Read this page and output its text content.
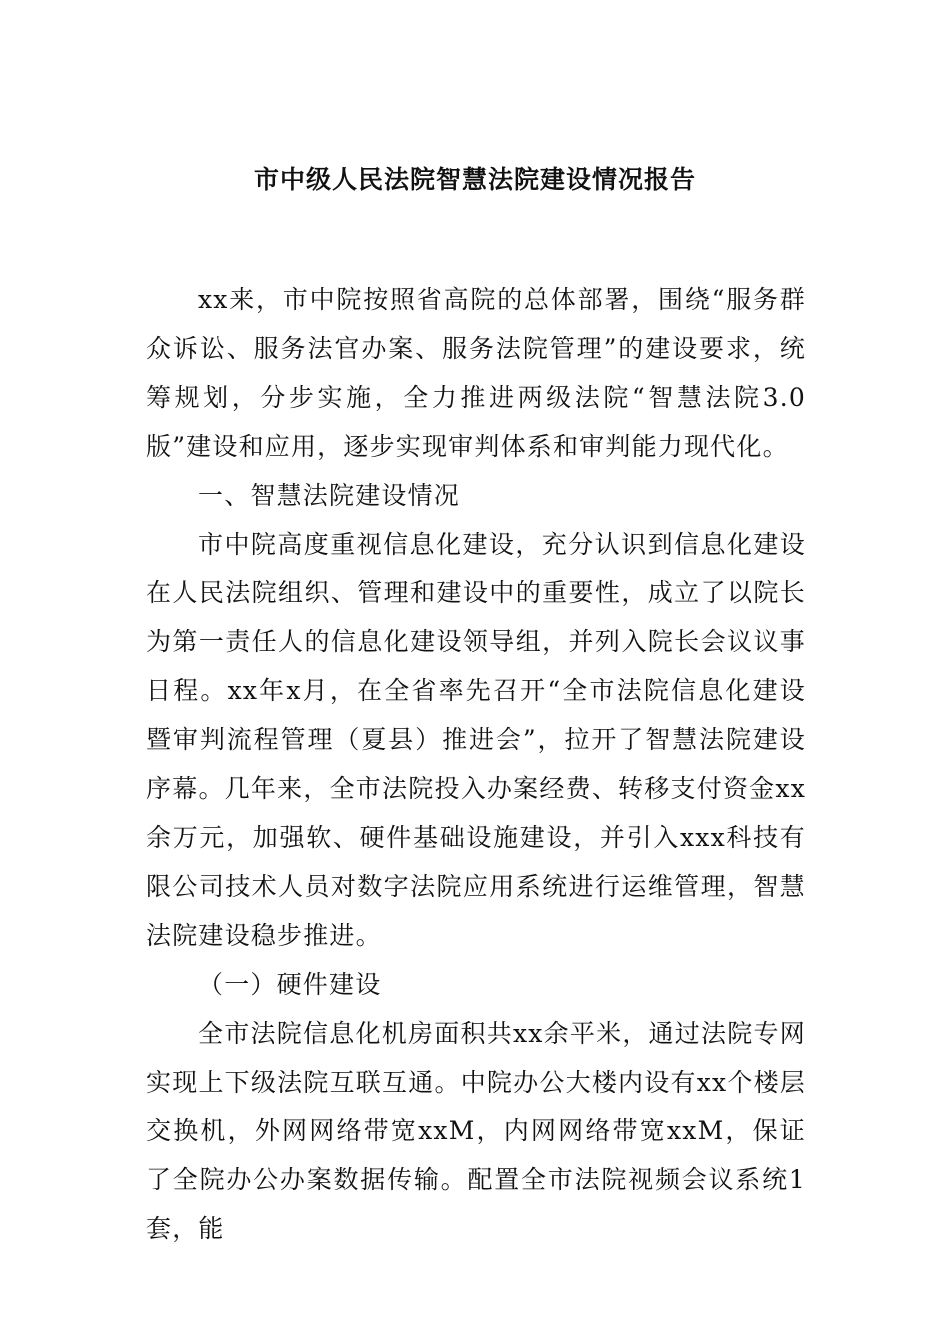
市中级人民法院智慧法院建设情况报告

xx来，市中院按照省高院的总体部署，围绕“服务群众诉讼、服务法官办案、服务法院管理”的建设要求，统筹规划，分步实施，全力推进两级法院“智慧法院3.0版”建设和应用，逐步实现审判体系和审判能力现代化。

一、智慧法院建设情况

市中院高度重视信息化建设，充分认识到信息化建设在人民法院组织、管理和建设中的重要性，成立了以院长为第一责任人的信息化建设领导组，并列入院长会议议事日程。xx年x月，在全省率先召开“全市法院信息化建设暨审判流程管理（夏县）推进会”，拉开了智慧法院建设序幕。几年来，全市法院投入办案经费、转移支付资金xx余万元，加强软、硬件基础设施建设，并引入xxx科技有限公司技术人员对数字法院应用系统进行运维管理，智慧法院建设稳步推进。

（一）硬件建设

全市法院信息化机房面积共xx余平米，通过法院专网实现上下级法院互联互通。中院办公大楼内设有xx个楼层交换机，外网网络带宽xxM，内网网络带宽xxM，保证了全院办公办案数据传输。配置全市法院视频会议系统1套，能
